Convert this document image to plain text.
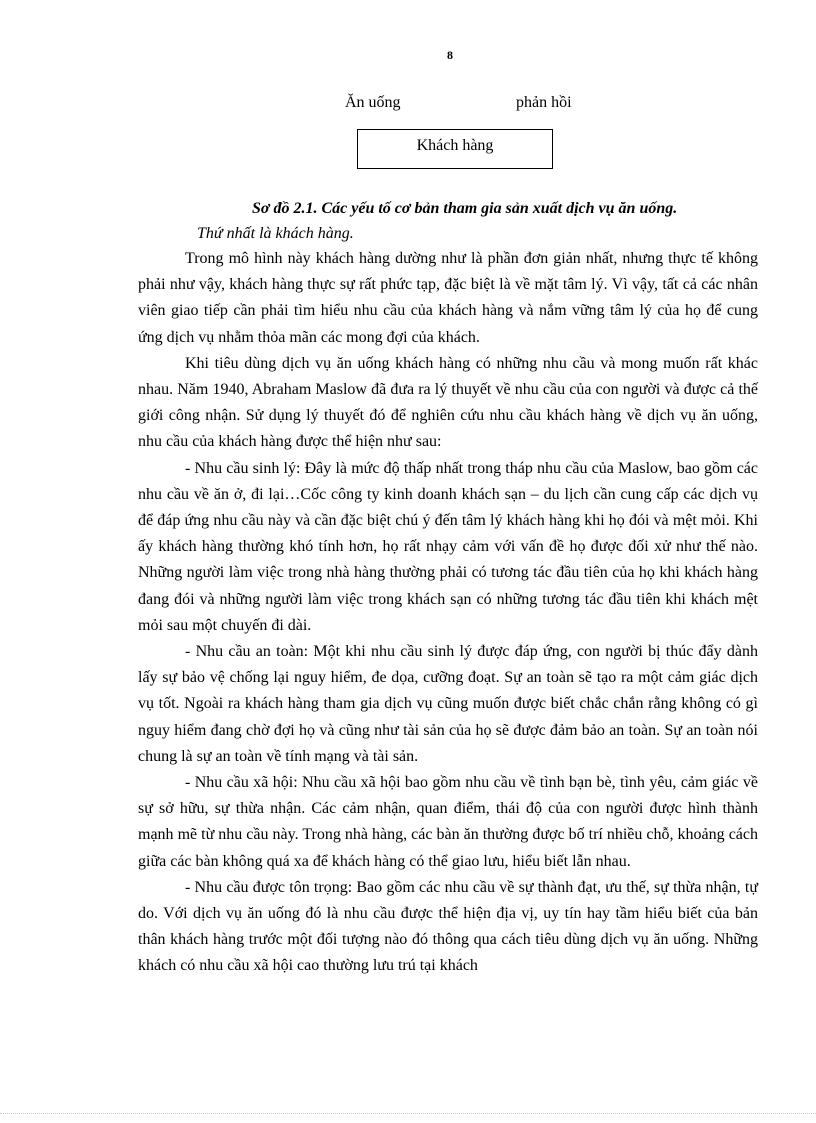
8
Ăn uống	phản hồi
Khách hàng
Sơ đồ 2.1. Các yếu tố cơ bản tham gia sản xuất dịch vụ ăn uống.
Thứ nhất là khách hàng.

Trong mô hình này khách hàng dường như là phần đơn giản nhất, nhưng thực tế không phải như vậy, khách hàng thực sự rất phức tạp, đặc biệt là về mặt tâm lý. Vì vậy, tất cả các nhân viên giao tiếp cần phải tìm hiểu nhu cầu của khách hàng và nắm vững tâm lý của họ để cung ứng dịch vụ nhằm thỏa mãn các mong đợi của khách.

Khi tiêu dùng dịch vụ ăn uống khách hàng có những nhu cầu và mong muốn rất khác nhau. Năm 1940, Abraham Maslow đã đưa ra lý thuyết về nhu cầu của con người và được cả thế giới công nhận. Sử dụng lý thuyết đó để nghiên cứu nhu cầu khách hàng về dịch vụ ăn uống, nhu cầu của khách hàng được thể hiện như sau:

- Nhu cầu sinh lý: Đây là mức độ thấp nhất trong tháp nhu cầu của Maslow, bao gồm các nhu cầu về ăn ở, đi lại…Cốc công ty kinh doanh khách sạn – du lịch cần cung cấp các dịch vụ để đáp ứng nhu cầu này và cần đặc biệt chú ý đến tâm lý khách hàng khi họ đói và mệt mỏi. Khi ấy khách hàng thường khó tính hơn, họ rất nhạy cảm với vấn đề họ được đối xử như thế nào. Những người làm việc trong nhà hàng thường phải có tương tác đầu tiên của họ khi khách hàng đang đói và những người làm việc trong khách sạn có những tương tác đầu tiên khi khách mệt mỏi sau một chuyến đi dài.

- Nhu cầu an toàn: Một khi nhu cầu sinh lý được đáp ứng, con người bị thúc đẩy dành lấy sự bảo vệ chống lại nguy hiểm, đe dọa, cưỡng đoạt. Sự an toàn sẽ tạo ra một cảm giác dịch vụ tốt. Ngoài ra khách hàng tham gia dịch vụ cũng muốn được biết chắc chắn rằng không có gì nguy hiểm đang chờ đợi họ và cũng như tài sản của họ sẽ được đảm bảo an toàn. Sự an toàn nói chung là sự an toàn về tính mạng và tài sản.

- Nhu cầu xã hội: Nhu cầu xã hội bao gồm nhu cầu về tình bạn bè, tình yêu, cảm giác về sự sở hữu, sự thừa nhận. Các cảm nhận, quan điểm, thái độ của con người được hình thành mạnh mẽ từ nhu cầu này. Trong nhà hàng, các bàn ăn thường được bố trí nhiều chỗ, khoảng cách giữa các bàn không quá xa để khách hàng có thể giao lưu, hiểu biết lẫn nhau.

- Nhu cầu được tôn trọng: Bao gồm các nhu cầu về sự thành đạt, ưu thế, sự thừa nhận, tự do. Với dịch vụ ăn uống đó là nhu cầu được thể hiện địa vị, uy tín hay tầm hiểu biết của bản thân khách hàng trước một đối tượng nào đó thông qua cách tiêu dùng dịch vụ ăn uống. Những khách có nhu cầu xã hội cao thường lưu trú tại khách
